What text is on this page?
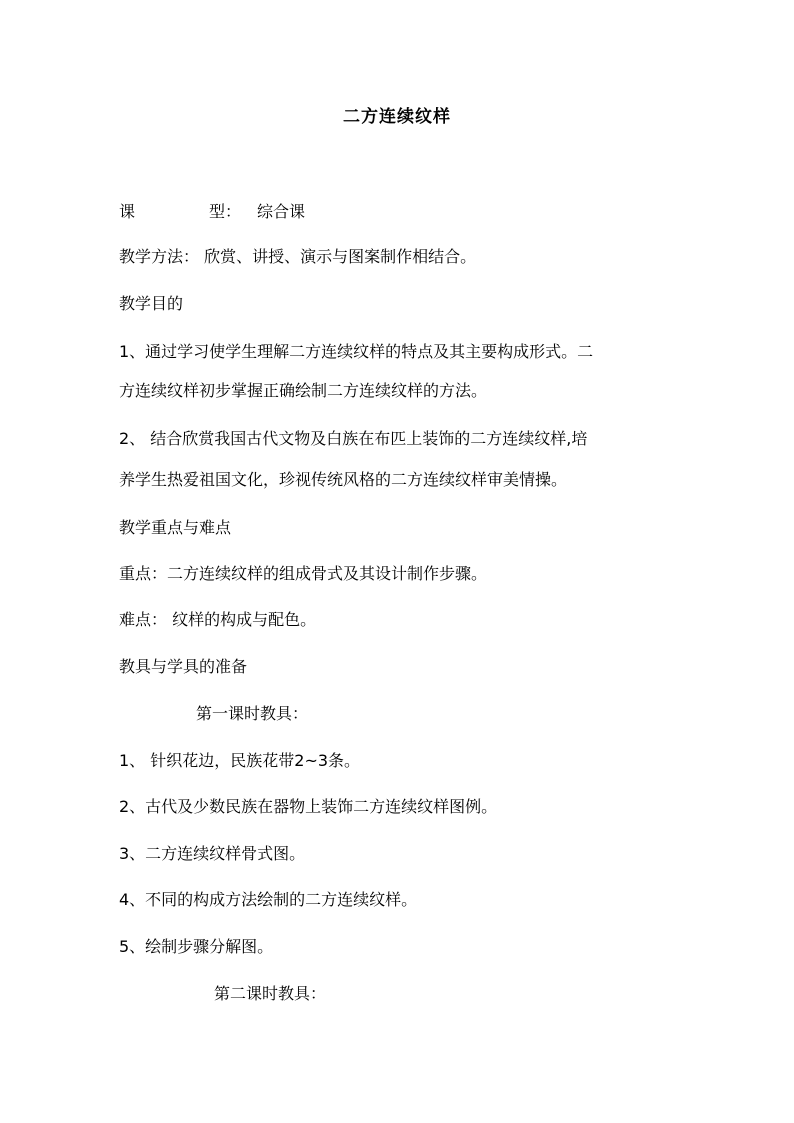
二方连续纹样
课	型： 综合课
教学方法： 欣赏、讲授、演示与图案制作相结合。
教学目的
1、通过学习使学生理解二方连续纹样的特点及其主要构成形式。二
方连续纹样初步掌握正确绘制二方连续纹样的方法。
2、 结合欣赏我国古代文物及白族在布匹上装饰的二方连续纹样,培
养学生热爱祖国文化，珍视传统风格的二方连续纹样审美情操。
教学重点与难点
重点：二方连续纹样的组成骨式及其设计制作步骤。
难点： 纹样的构成与配色。
教具与学具的准备
第一课时教具：
1、 针织花边，民族花带2~3条。
2、古代及少数民族在器物上装饰二方连续纹样图例。
3、二方连续纹样骨式图。
4、不同的构成方法绘制的二方连续纹样。
5、绘制步骤分解图。
第二课时教具：
